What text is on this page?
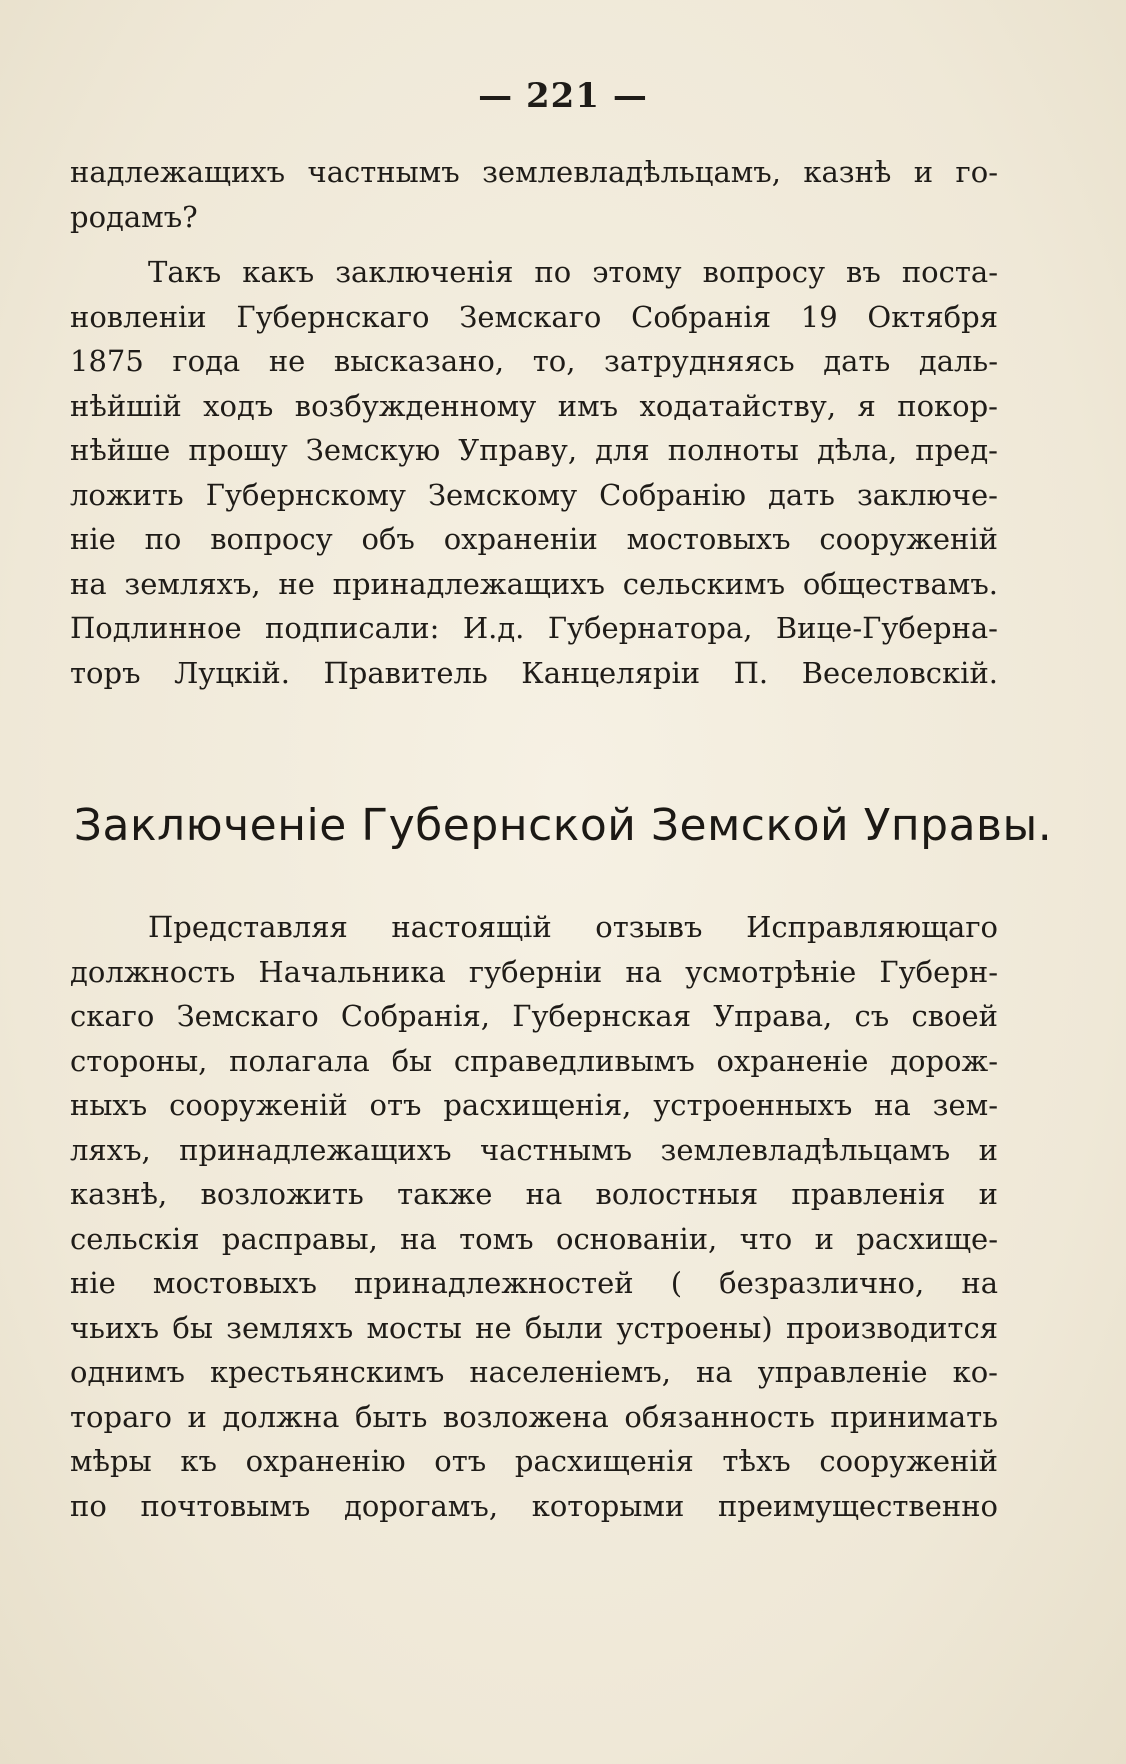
— 221 —
надлежащихъ частнымъ землевладѣльцамъ, казнѣ и го-
родамъ?
Такъ какъ заключенія по этому вопросу въ поста-
новленіи Губернскаго Земскаго Собранія 19 Октября
1875 года не высказано, то, затрудняясь дать даль-
нѣйшій ходъ возбужденному имъ ходатайству, я покор-
нѣйше прошу Земскую Управу, для полноты дѣла, пред-
ложить Губернскому Земскому Собранію дать заключе-
ніе по вопросу объ охраненіи мостовыхъ сооруженій
на земляхъ, не принадлежащихъ сельскимъ обществамъ.
Подлинное подписали: И.д. Губернатора, Вице-Губерна-
торъ Луцкій. Правитель Канцеляріи П. Веселовскій.
Заключеніе Губернской Земской Управы.
Представляя настоящій отзывъ Исправляющаго
должность Начальника губерніи на усмотрѣніе Губерн-
скаго Земскаго Собранія, Губернская Управа, съ своей
стороны, полагала бы справедливымъ охраненіе дорож-
ныхъ сооруженій отъ расхищенія, устроенныхъ на зем-
ляхъ, принадлежащихъ частнымъ землевладѣльцамъ и
казнѣ, возложить также на волостныя правленія и
сельскія расправы, на томъ основаніи, что и расхище-
ніе мостовыхъ принадлежностей ( безразлично, на
чьихъ бы земляхъ мосты не были устроены) производится
однимъ крестьянскимъ населеніемъ, на управленіе ко-
тораго и должна быть возложена обязанность принимать
мѣры къ охраненію отъ расхищенія тѣхъ сооруженій
по почтовымъ дорогамъ, которыми преимущественно
